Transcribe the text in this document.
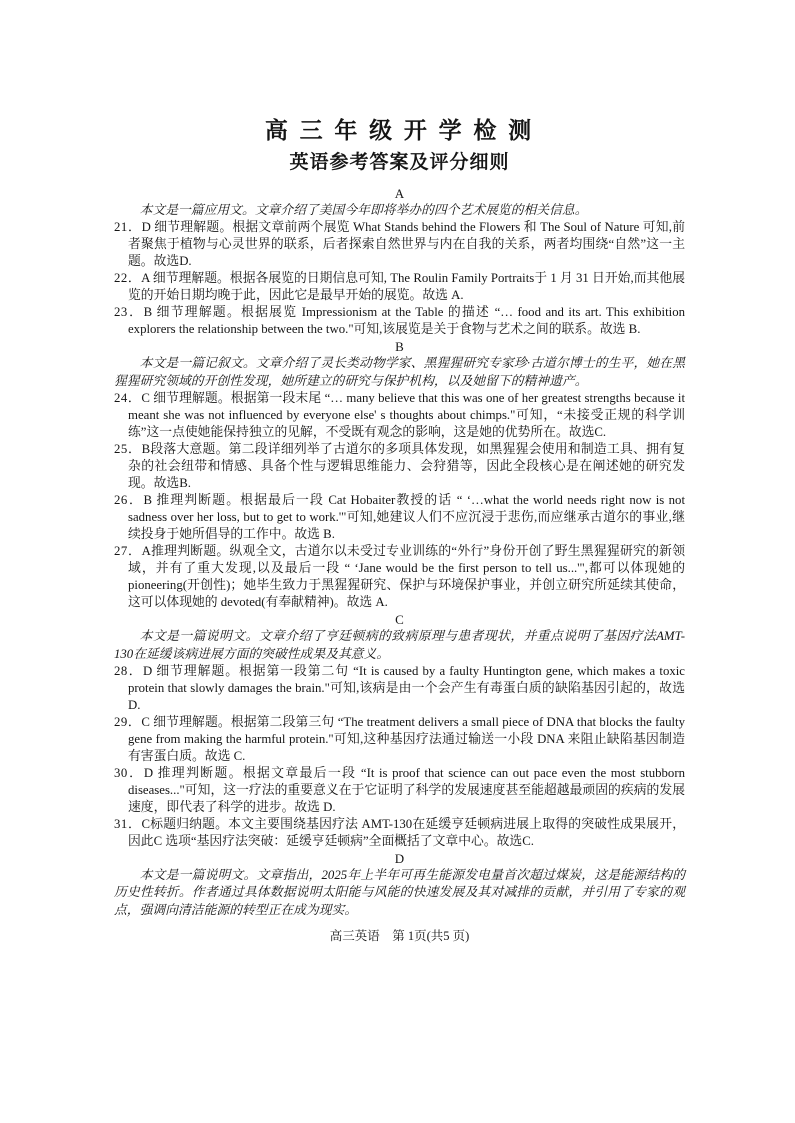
高 三 年 级 开 学 检 测
英语参考答案及评分细则
A

本文是一篇应用文。文章介绍了美国今年即将举办的四个艺术展览的相关信息。

21．D 细节理解题。根据文章前两个展览 What Stands behind the Flowers 和 The Soul of Nature 可知,前者聚焦于植物与心灵世界的联系，后者探索自然世界与内在自我的关系，两者均围绕“自然”这一主题。故选D.

22．A 细节理解题。根据各展览的日期信息可知, The Roulin Family Portraits于 1 月 31 日开始,而其他展览的开始日期均晚于此，因此它是最早开始的展览。故选 A.

23．B 细节理解题。根据展览 Impressionism at the Table 的描述 “… food and its art. This exhibition explorers the relationship between the two."可知,该展览是关于食物与艺术之间的联系。故选 B.

B

本文是一篇记叙文。文章介绍了灵长类动物学家、黑猩猩研究专家珍·古道尔博士的生平，她在黑猩猩研究领域的开创性发现，她所建立的研究与保护机构，以及她留下的精神遗产。

24．C 细节理解题。根据第一段末尾 “… many believe that this was one of her greatest strengths because it meant she was not influenced by everyone else' s thoughts about chimps."可知，“未接受正规的科学训练”这一点使她能保持独立的见解，不受既有观念的影响，这是她的优势所在。故选C.

25．B段落大意题。第二段详细列举了古道尔的多项具体发现，如黑猩猩会使用和制造工具、拥有复杂的社会纽带和情感、具备个性与逻辑思维能力、会狩猎等，因此全段核心是在阐述她的研究发现。故选B.

26．B 推理判断题。根据最后一段 Cat Hobaiter教授的话 “ ‘…what the world needs right now is not sadness over her loss, but to get to work.'"可知,她建议人们不应沉浸于悲伤,而应继承古道尔的事业,继续投身于她所倡导的工作中。故选 B.

27．A推理判断题。纵观全文，古道尔以未受过专业训练的“外行”身份开创了野生黑猩猩研究的新领域，并有了重大发现,以及最后一段 “ ‘Jane would be the first person to tell us...'",都可以体现她的 pioneering(开创性)；她毕生致力于黑猩猩研究、保护与环境保护事业，并创立研究所延续其使命，这可以体现她的 devoted(有奉献精神)。故选 A.

C

本文是一篇说明文。文章介绍了亨廷顿病的致病原理与患者现状，并重点说明了基因疗法AMT-130在延缓该病进展方面的突破性成果及其意义。

28．D 细节理解题。根据第一段第二句 “It is caused by a faulty Huntington gene, which makes a toxic protein that slowly damages the brain."可知,该病是由一个会产生有毒蛋白质的缺陷基因引起的，故选 D.

29．C 细节理解题。根据第二段第三句 “The treatment delivers a small piece of DNA that blocks the faulty gene from making the harmful protein."可知,这种基因疗法通过输送一小段 DNA 来阻止缺陷基因制造有害蛋白质。故选 C.

30．D 推理判断题。根据文章最后一段 “It is proof that science can out pace even the most stubborn diseases..."可知，这一疗法的重要意义在于它证明了科学的发展速度甚至能超越最顽固的疾病的发展速度，即代表了科学的进步。故选 D.

31．C标题归纳题。本文主要围绕基因疗法 AMT-130在延缓亨廷顿病进展上取得的突破性成果展开，因此C 选项“基因疗法突破：延缓亨廷顿病”全面概括了文章中心。故选C.

D

本文是一篇说明文。文章指出，2025年上半年可再生能源发电量首次超过煤炭，这是能源结构的历史性转折。作者通过具体数据说明太阳能与风能的快速发展及其对减排的贡献，并引用了专家的观点，强调向清洁能源的转型正在成为现实。

高三英语　第 1页(共5 页)
